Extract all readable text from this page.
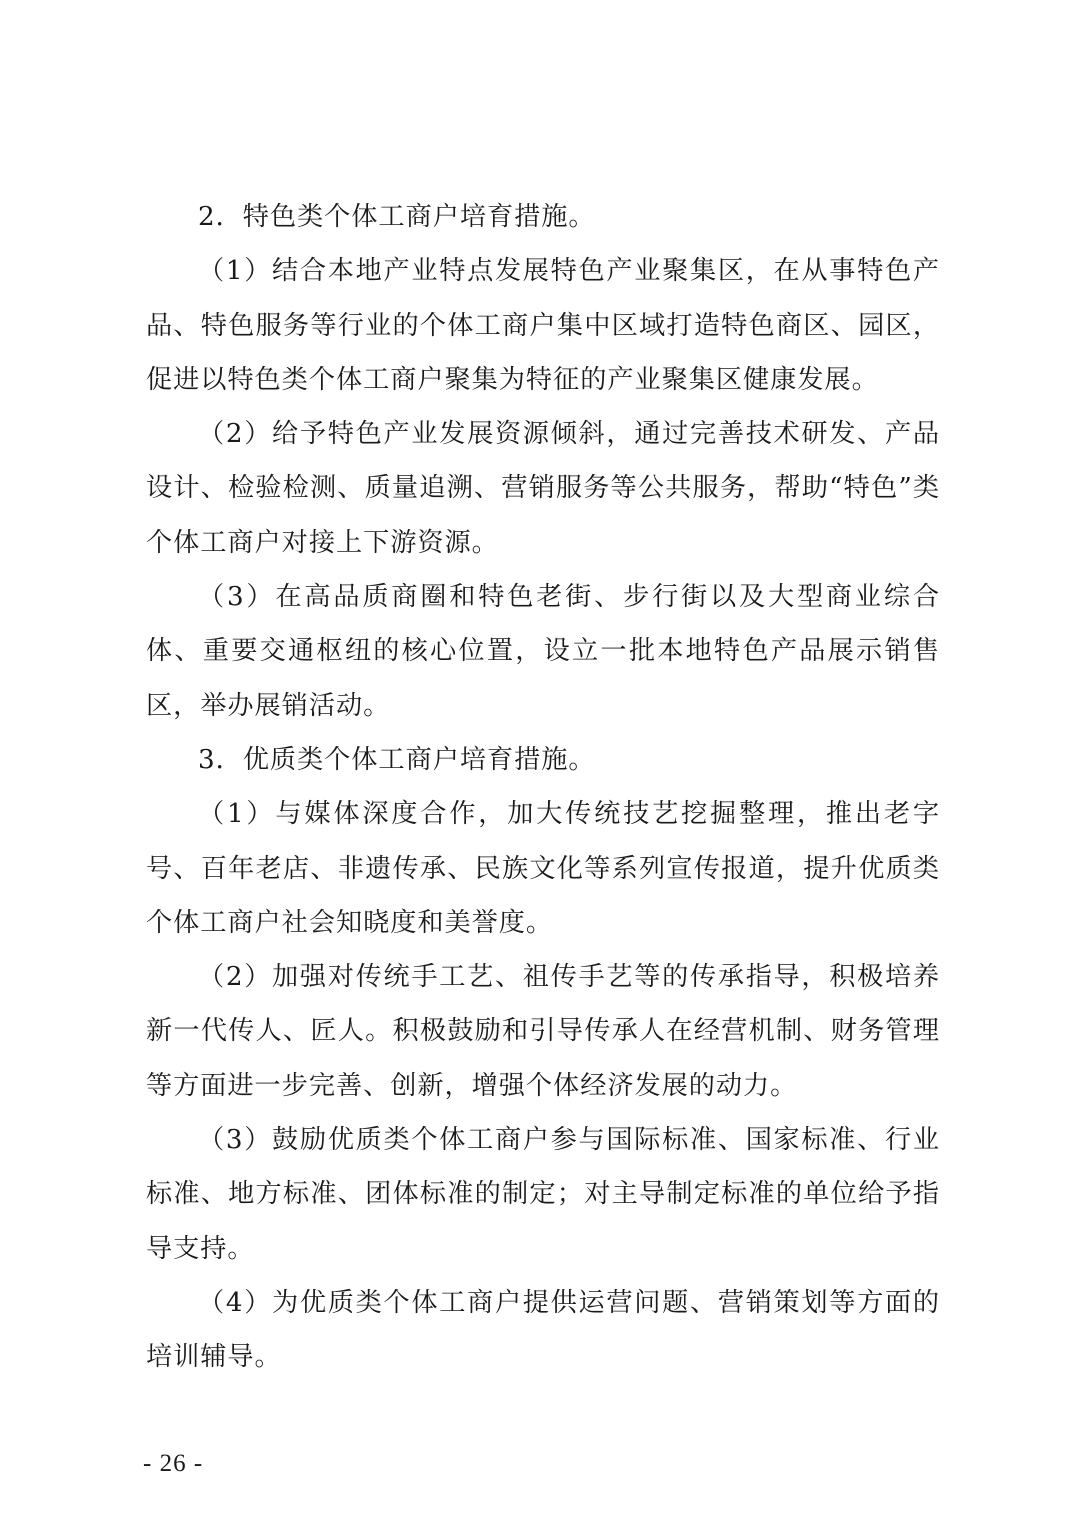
2．特色类个体工商户培育措施。

（1）结合本地产业特点发展特色产业聚集区，在从事特色产品、特色服务等行业的个体工商户集中区域打造特色商区、园区，促进以特色类个体工商户聚集为特征的产业聚集区健康发展。

（2）给予特色产业发展资源倾斜，通过完善技术研发、产品设计、检验检测、质量追溯、营销服务等公共服务，帮助“特色”类个体工商户对接上下游资源。

（3）在高品质商圈和特色老街、步行街以及大型商业综合体、重要交通枢纽的核心位置，设立一批本地特色产品展示销售区，举办展销活动。

3．优质类个体工商户培育措施。

（1）与媒体深度合作，加大传统技艺挖掘整理，推出老字号、百年老店、非遗传承、民族文化等系列宣传报道，提升优质类个体工商户社会知晓度和美誉度。

（2）加强对传统手工艺、祖传手艺等的传承指导，积极培养新一代传人、匠人。积极鼓励和引导传承人在经营机制、财务管理等方面进一步完善、创新，增强个体经济发展的动力。

（3）鼓励优质类个体工商户参与国际标准、国家标准、行业标准、地方标准、团体标准的制定；对主导制定标准的单位给予指导支持。

（4）为优质类个体工商户提供运营问题、营销策划等方面的培训辅导。

- 26 -
